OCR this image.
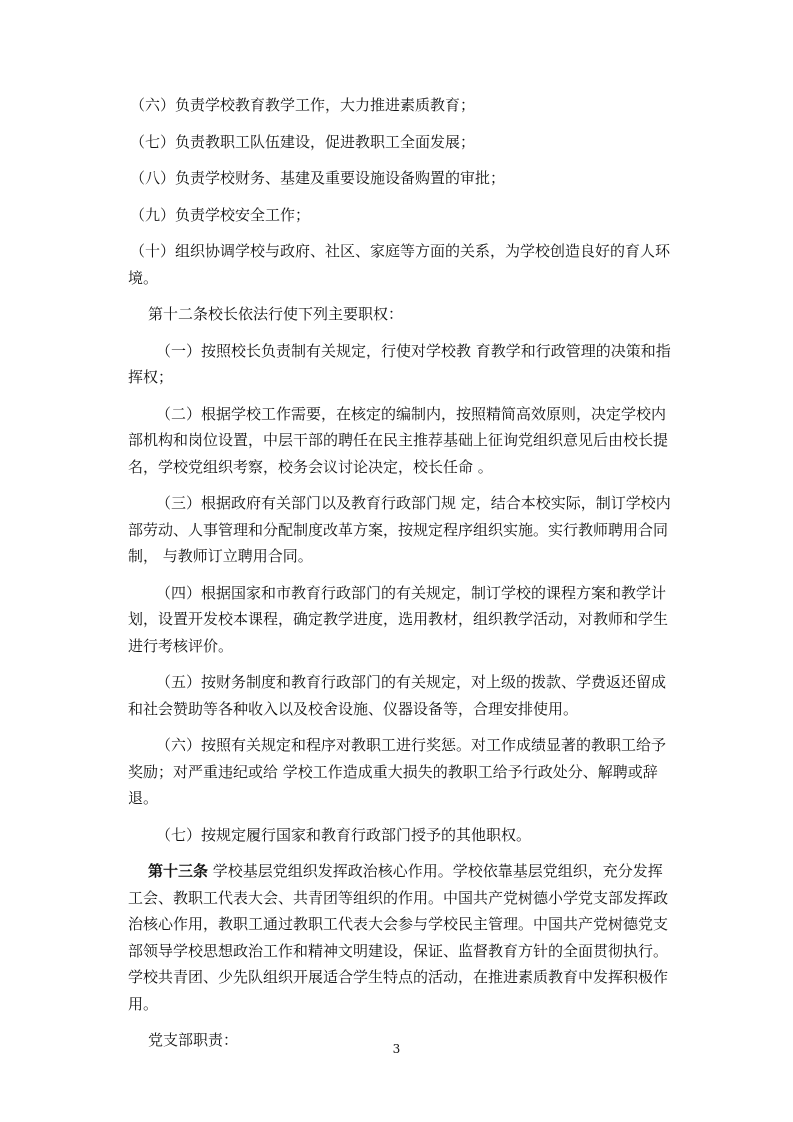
（六）负责学校教育教学工作，大力推进素质教育；

（七）负责教职工队伍建设，促进教职工全面发展；

（八）负责学校财务、基建及重要设施设备购置的审批；

（九）负责学校安全工作；

（十）组织协调学校与政府、社区、家庭等方面的关系，为学校创造良好的育人环境。

第十二条校长依法行使下列主要职权：

（一）按照校长负责制有关规定，行使对学校教 育教学和行政管理的决策和指挥权；

（二）根据学校工作需要，在核定的编制内，按照精简高效原则，决定学校内部机构和岗位设置，中层干部的聘任在民主推荐基础上征询党组织意见后由校长提名，学校党组织考察，校务会议讨论决定，校长任命 。

（三）根据政府有关部门以及教育行政部门规 定，结合本校实际，制订学校内部劳动、人事管理和分配制度改革方案，按规定程序组织实施。实行教师聘用合同制， 与教师订立聘用合同。

（四）根据国家和市教育行政部门的有关规定，制订学校的课程方案和教学计划，设置开发校本课程，确定教学进度，选用教材，组织教学活动，对教师和学生进行考核评价。

（五）按财务制度和教育行政部门的有关规定，对上级的拨款、学费返还留成和社会赞助等各种收入以及校舍设施、仪器设备等，合理安排使用。

（六）按照有关规定和程序对教职工进行奖惩。对工作成绩显著的教职工给予奖励；对严重违纪或给 学校工作造成重大损失的教职工给予行政处分、解聘或辞退。

（七）按规定履行国家和教育行政部门授予的其他职权。

第十三条 学校基层党组织发挥政治核心作用。学校依靠基层党组织，充分发挥工会、教职工代表大会、共青团等组织的作用。中国共产党树德小学党支部发挥政治核心作用，教职工通过教职工代表大会参与学校民主管理。中国共产党树德党支部领导学校思想政治工作和精神文明建设，保证、监督教育方针的全面贯彻执行。学校共青团、少先队组织开展适合学生特点的活动，在推进素质教育中发挥积极作用。

党支部职责：	3
